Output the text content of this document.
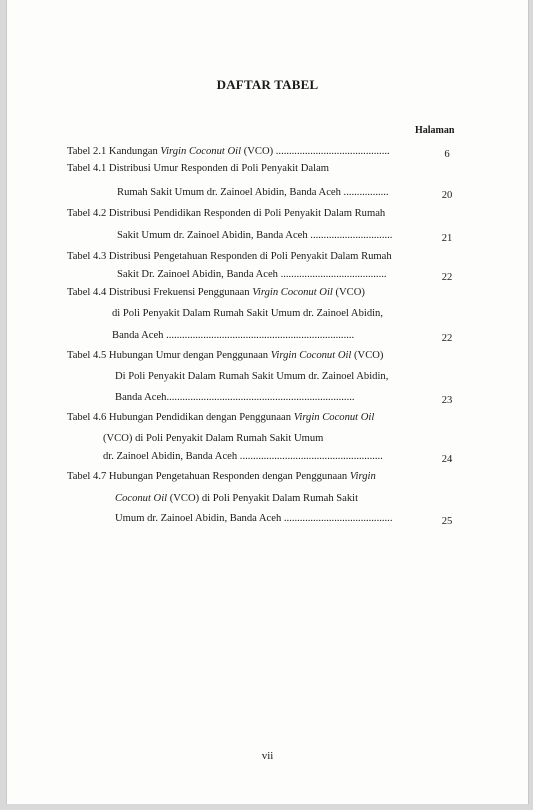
DAFTAR TABEL
Halaman
Tabel 2.1 Kandungan Virgin Coconut Oil (VCO) ...........................................	6
Tabel 4.1 Distribusi Umur Responden di Poli Penyakit Dalam
Rumah Sakit Umum dr. Zainoel Abidin, Banda Aceh .................	20
Tabel 4.2 Distribusi Pendidikan Responden di Poli Penyakit Dalam Rumah
Sakit Umum dr. Zainoel Abidin, Banda Aceh ...............................	21
Tabel 4.3 Distribusi Pengetahuan Responden di Poli Penyakit Dalam Rumah
Sakit Dr. Zainoel Abidin, Banda Aceh ........................................	22
Tabel 4.4 Distribusi Frekuensi Penggunaan Virgin Coconut Oil (VCO)
di Poli Penyakit Dalam Rumah Sakit Umum dr. Zainoel Abidin,
Banda Aceh .......................................................................	22
Tabel 4.5 Hubungan Umur dengan Penggunaan Virgin Coconut Oil (VCO)
Di Poli Penyakit Dalam Rumah Sakit Umum dr. Zainoel Abidin,
Banda Aceh.......................................................................	23
Tabel 4.6 Hubungan Pendidikan dengan Penggunaan Virgin Coconut Oil
(VCO) di Poli Penyakit Dalam Rumah Sakit Umum
dr. Zainoel Abidin, Banda Aceh ......................................................	24
Tabel 4.7 Hubungan Pengetahuan Responden dengan Penggunaan Virgin
Coconut Oil (VCO) di Poli Penyakit Dalam Rumah Sakit
Umum dr. Zainoel Abidin, Banda Aceh .........................................	25
vii
